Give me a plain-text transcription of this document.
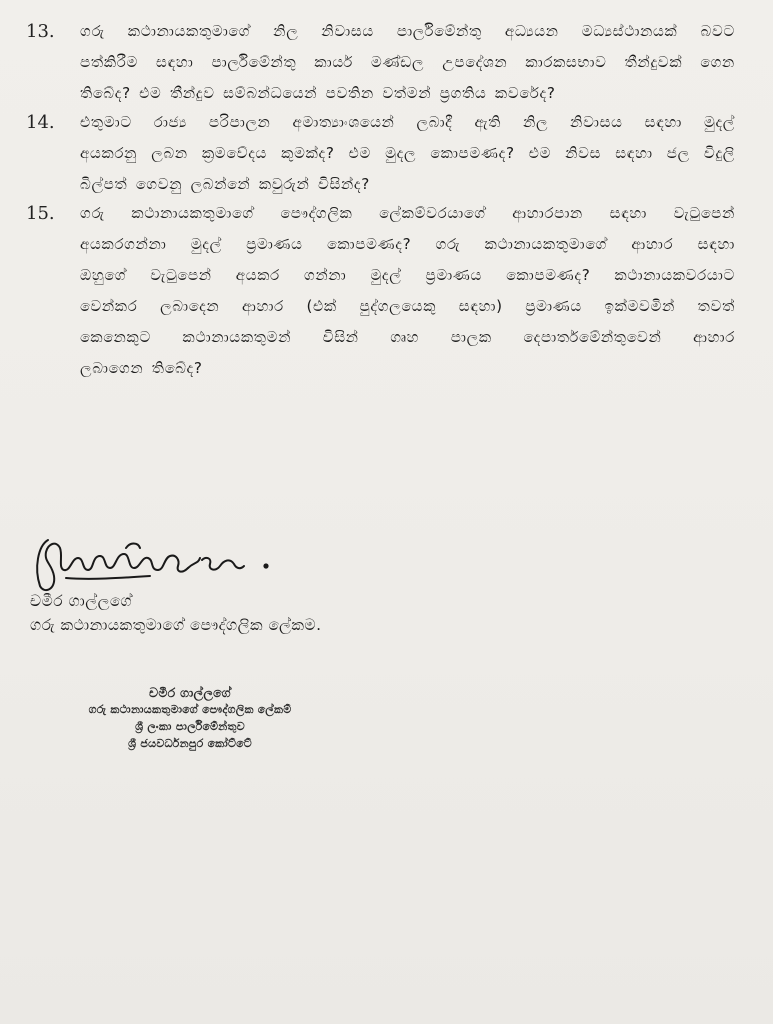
13. ගරු කථානායකතුමාගේ නිල නිවාසය පාර්ලිමේන්තු අධ්‍යයන මධ්‍යස්ථානයක් බවට
පත්කිරීම සඳහා පාර්ලිමේන්තු කාර්ය මණ්ඩල උපදේශන කාරකසභාව තීන්දුවක් ගෙන
තිබේද? එම තීන්දුව සම්බන්ධයෙන් පවතින වත්මන් ප්‍රගතිය කවරේද?
14. එතුමාට රාජ්‍ය පරිපාලන අමාත්‍යාංශයෙන් ලබාදී ඇති නිල නිවාසය සඳහා මුදල්
අයකරනු ලබන ක්‍රමවේදය කුමක්ද? එම මුදල කොපමණද? එම නිවස සඳහා ජල විදුලි
බිල්පත් ගෙවනු ලබන්නේ කවුරුන් විසින්ද?
15. ගරු කථානායකතුමාගේ පෞද්ගලික ලේකම්වරයාගේ ආහාරපාන සඳහා වැටුපෙන්
අයකරගන්නා මුදල් ප්‍රමාණය කොපමණද? ගරු කථානායකතුමාගේ ආහාර සඳහා
ඔහුගේ වැටුපෙන් අයකර ගන්නා මුදල් ප්‍රමාණය කොපමණද? කථානායකවරයාට
වෙන්කර ලබාදෙන ආහාර (එක් පුද්ගලයෙකු සඳහා) ප්‍රමාණය ඉක්මවමින් තවත්
කෙනෙකුට කථානායකතුමන් විසින් ගෘහ පාලක දෙපාර්තමේන්තුවෙන් ආහාර
ලබාගෙන තිබේද?
චමීර ගාල්ලගේ
ගරු කථානායකතුමාගේ පෞද්ගලික ලේකම.
චමීර ගාල්ලගේ
ගරු කථානායකතුමාගේ පෞද්ගලික ලේකම්
ශ්‍රී ලංකා පාර්ලිමේන්තුව
ශ්‍රී ජයවර්ධනපුර කෝට්ටේ
